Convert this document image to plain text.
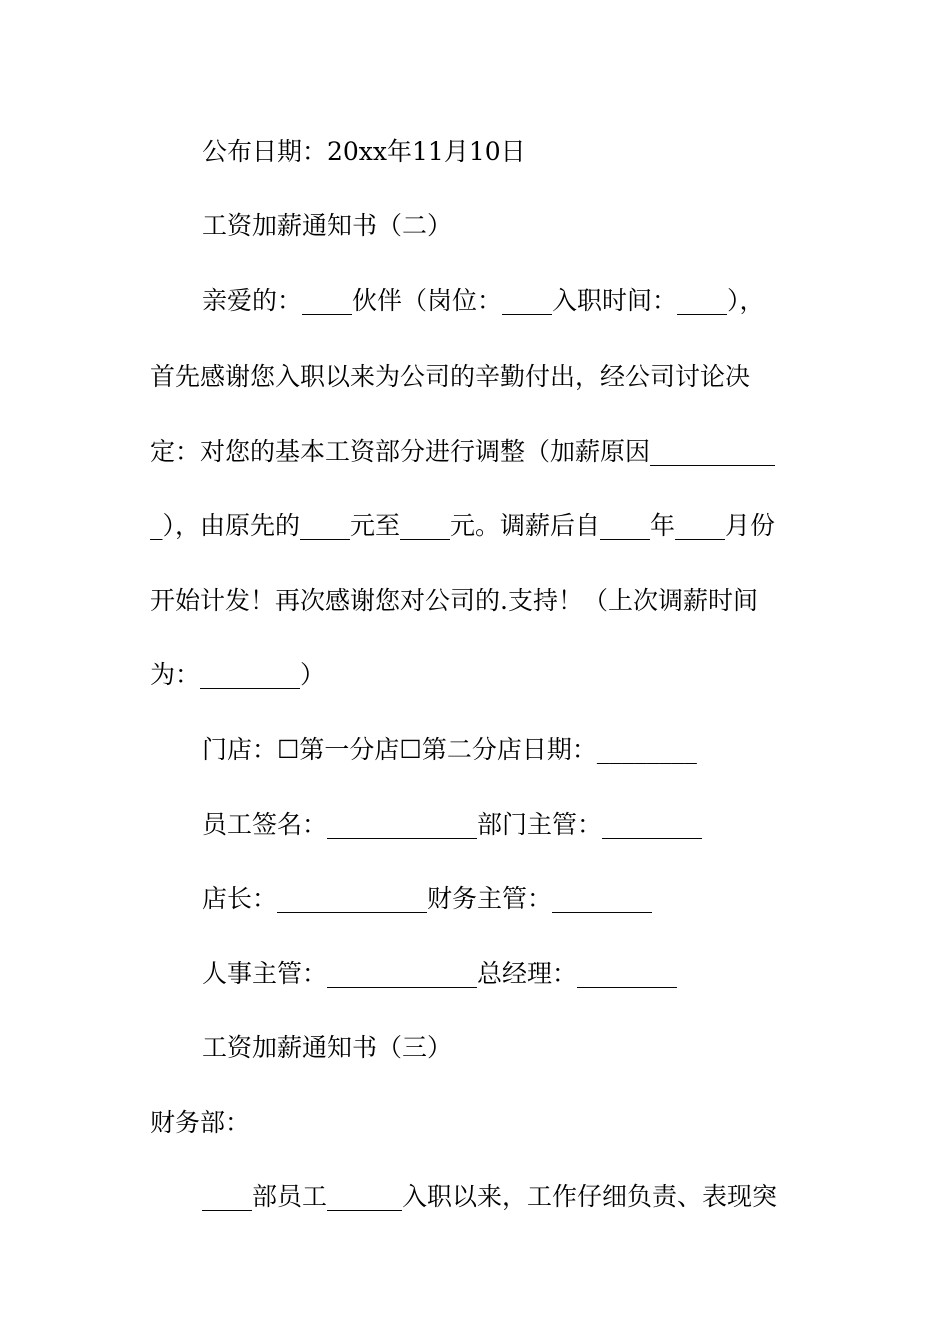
公布日期：20xx年11月10日
工资加薪通知书（二）
亲爱的：____伙伴（岗位：____入职时间：____），
首先感谢您入职以来为公司的辛勤付出，经公司讨论决
定：对您的基本工资部分进行调整（加薪原因__________
_），由原先的____元至____元。调薪后自____年____月份
开始计发！再次感谢您对公司的.支持！（上次调薪时间
为：________）
门店：☐第一分店☐第二分店日期：________
员工签名：____________部门主管：________
店长：____________财务主管：________
人事主管：____________总经理：________
工资加薪通知书（三）
财务部：
____部员工______入职以来，工作仔细负责、表现突
